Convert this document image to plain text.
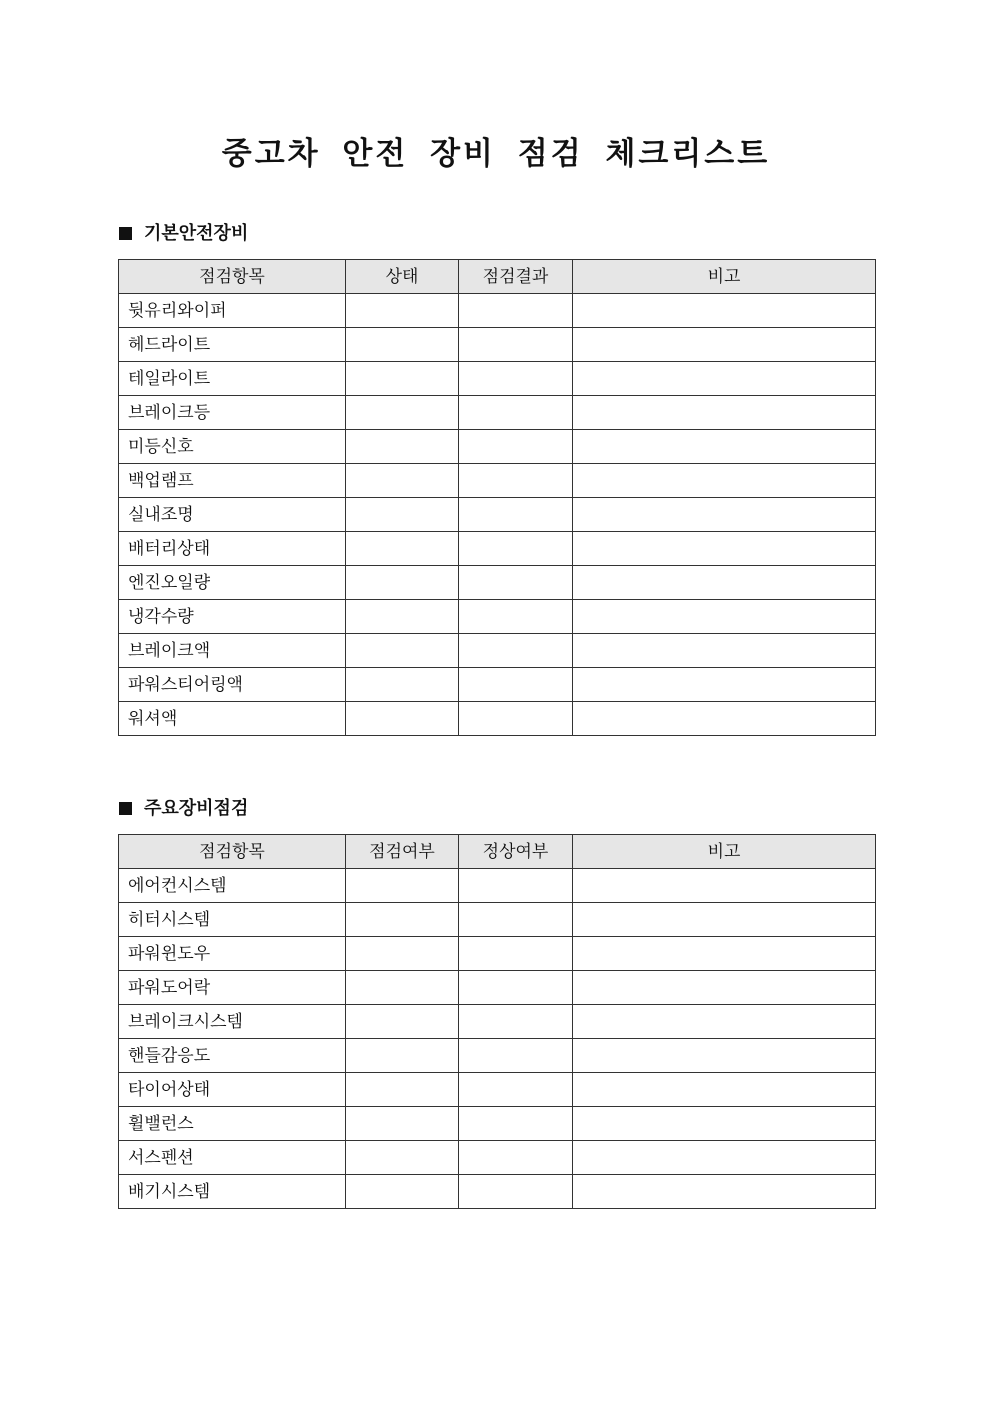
중고차 안전 장비 점검 체크리스트
기본안전장비
점검항목	상태	점검결과	비고
뒷유리와이퍼			
헤드라이트			
테일라이트			
브레이크등			
미등신호			
백업램프			
실내조명			
배터리상태			
엔진오일량			
냉각수량			
브레이크액			
파워스티어링액			
워셔액			
주요장비점검
점검항목	점검여부	정상여부	비고
에어컨시스템			
히터시스템			
파워윈도우			
파워도어락			
브레이크시스템			
핸들감응도			
타이어상태			
휠밸런스			
서스펜션			
배기시스템			
